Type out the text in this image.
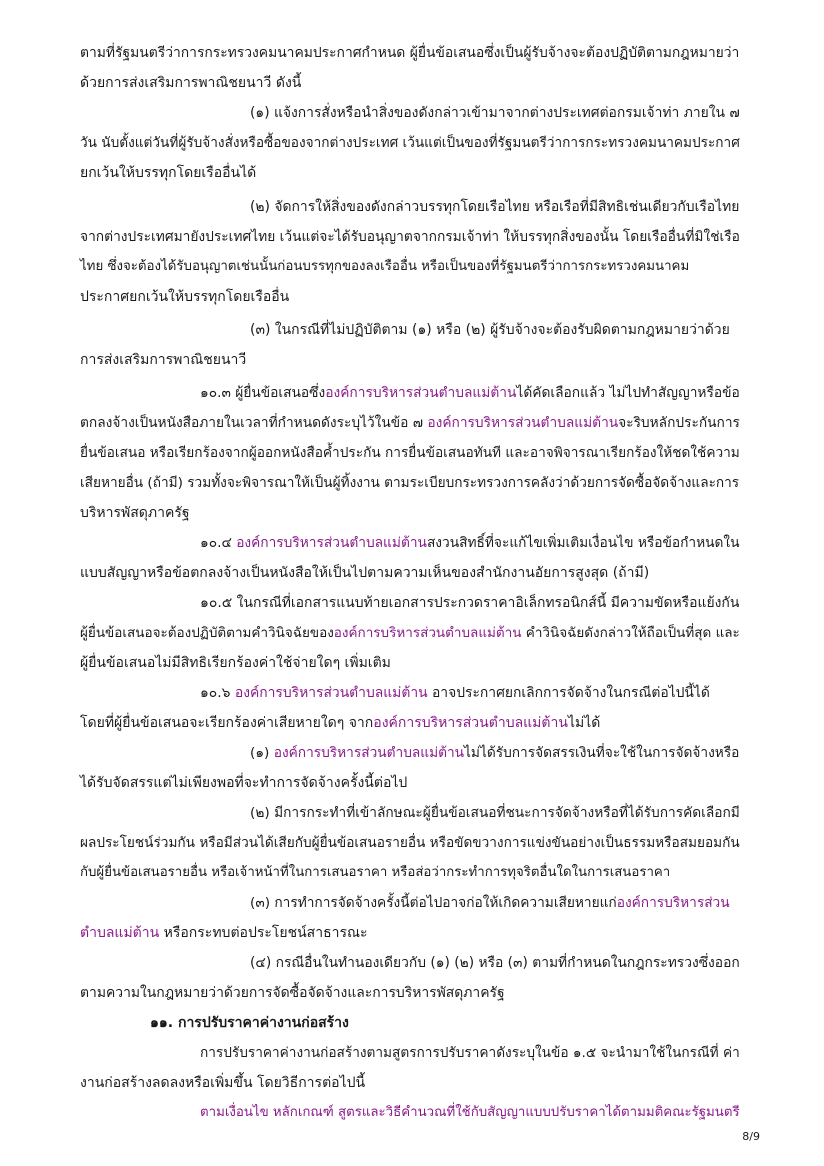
ตามที่รัฐมนตรีว่าการกระทรวงคมนาคมประกาศกำหนด ผู้ยื่นข้อเสนอซึ่งเป็นผู้รับจ้างจะต้องปฏิบัติตามกฎหมายว่า
ด้วยการส่งเสริมการพาณิชยนาวี ดังนี้
(๑) แจ้งการสั่งหรือนำสิ่งของดังกล่าวเข้ามาจากต่างประเทศต่อกรมเจ้าท่า ภายใน ๗
วัน นับตั้งแต่วันที่ผู้รับจ้างสั่งหรือซื้อของจากต่างประเทศ เว้นแต่เป็นของที่รัฐมนตรีว่าการกระทรวงคมนาคมประกาศ
ยกเว้นให้บรรทุกโดยเรืออื่นได้
(๒) จัดการให้สิ่งของดังกล่าวบรรทุกโดยเรือไทย หรือเรือที่มีสิทธิเช่นเดียวกับเรือไทย
จากต่างประเทศมายังประเทศไทย เว้นแต่จะได้รับอนุญาตจากกรมเจ้าท่า ให้บรรทุกสิ่งของนั้น โดยเรืออื่นที่มิใช่เรือ
ไทย ซึ่งจะต้องได้รับอนุญาตเช่นนั้นก่อนบรรทุกของลงเรืออื่น หรือเป็นของที่รัฐมนตรีว่าการกระทรวงคมนาคม
ประกาศยกเว้นให้บรรทุกโดยเรืออื่น
(๓) ในกรณีที่ไม่ปฏิบัติตาม (๑) หรือ (๒) ผู้รับจ้างจะต้องรับผิดตามกฎหมายว่าด้วย
การส่งเสริมการพาณิชยนาวี
๑๐.๓ ผู้ยื่นข้อเสนอซึ่งองค์การบริหารส่วนตำบลแม่ต้านได้คัดเลือกแล้ว ไม่ไปทำสัญญาหรือข้อ
ตกลงจ้างเป็นหนังสือภายในเวลาที่กำหนดดังระบุไว้ในข้อ ๗ องค์การบริหารส่วนตำบลแม่ต้านจะริบหลักประกันการ
ยื่นข้อเสนอ หรือเรียกร้องจากผู้ออกหนังสือค้ำประกัน การยื่นข้อเสนอทันที และอาจพิจารณาเรียกร้องให้ชดใช้ความ
เสียหายอื่น (ถ้ามี) รวมทั้งจะพิจารณาให้เป็นผู้ทิ้งงาน ตามระเบียบกระทรวงการคลังว่าด้วยการจัดซื้อจัดจ้างและการ
บริหารพัสดุภาครัฐ
๑๐.๔ องค์การบริหารส่วนตำบลแม่ต้านสงวนสิทธิ์ที่จะแก้ไขเพิ่มเติมเงื่อนไข หรือข้อกำหนดใน
แบบสัญญาหรือข้อตกลงจ้างเป็นหนังสือให้เป็นไปตามความเห็นของสำนักงานอัยการสูงสุด (ถ้ามี)
๑๐.๕ ในกรณีที่เอกสารแนบท้ายเอกสารประกวดราคาอิเล็กทรอนิกส์นี้ มีความขัดหรือแย้งกัน
ผู้ยื่นข้อเสนอจะต้องปฏิบัติตามคำวินิจฉัยขององค์การบริหารส่วนตำบลแม่ต้าน คำวินิจฉัยดังกล่าวให้ถือเป็นที่สุด และ
ผู้ยื่นข้อเสนอไม่มีสิทธิเรียกร้องค่าใช้จ่ายใดๆ เพิ่มเติม
๑๐.๖ องค์การบริหารส่วนตำบลแม่ต้าน อาจประกาศยกเลิกการจัดจ้างในกรณีต่อไปนี้ได้
โดยที่ผู้ยื่นข้อเสนอจะเรียกร้องค่าเสียหายใดๆ จากองค์การบริหารส่วนตำบลแม่ต้านไม่ได้
(๑) องค์การบริหารส่วนตำบลแม่ต้านไม่ได้รับการจัดสรรเงินที่จะใช้ในการจัดจ้างหรือ
ได้รับจัดสรรแต่ไม่เพียงพอที่จะทำการจัดจ้างครั้งนี้ต่อไป
(๒) มีการกระทำที่เข้าลักษณะผู้ยื่นข้อเสนอที่ชนะการจัดจ้างหรือที่ได้รับการคัดเลือกมี
ผลประโยชน์ร่วมกัน หรือมีส่วนได้เสียกับผู้ยื่นข้อเสนอรายอื่น หรือขัดขวางการแข่งขันอย่างเป็นธรรมหรือสมยอมกัน
กับผู้ยื่นข้อเสนอรายอื่น หรือเจ้าหน้าที่ในการเสนอราคา หรือส่อว่ากระทำการทุจริตอื่นใดในการเสนอราคา
(๓) การทำการจัดจ้างครั้งนี้ต่อไปอาจก่อให้เกิดความเสียหายแก่องค์การบริหารส่วน
ตำบลแม่ต้าน หรือกระทบต่อประโยชน์สาธารณะ
(๔) กรณีอื่นในทำนองเดียวกับ (๑) (๒) หรือ (๓) ตามที่กำหนดในกฎกระทรวงซึ่งออก
ตามความในกฎหมายว่าด้วยการจัดซื้อจัดจ้างและการบริหารพัสดุภาครัฐ
๑๑. การปรับราคาค่างานก่อสร้าง
การปรับราคาค่างานก่อสร้างตามสูตรการปรับราคาดังระบุในข้อ ๑.๕ จะนำมาใช้ในกรณีที่ ค่า
งานก่อสร้างลดลงหรือเพิ่มขึ้น โดยวิธีการต่อไปนี้
ตามเงื่อนไข หลักเกณฑ์ สูตรและวิธีคำนวณที่ใช้กับสัญญาแบบปรับราคาได้ตามมติคณะรัฐมนตรี
8/9
